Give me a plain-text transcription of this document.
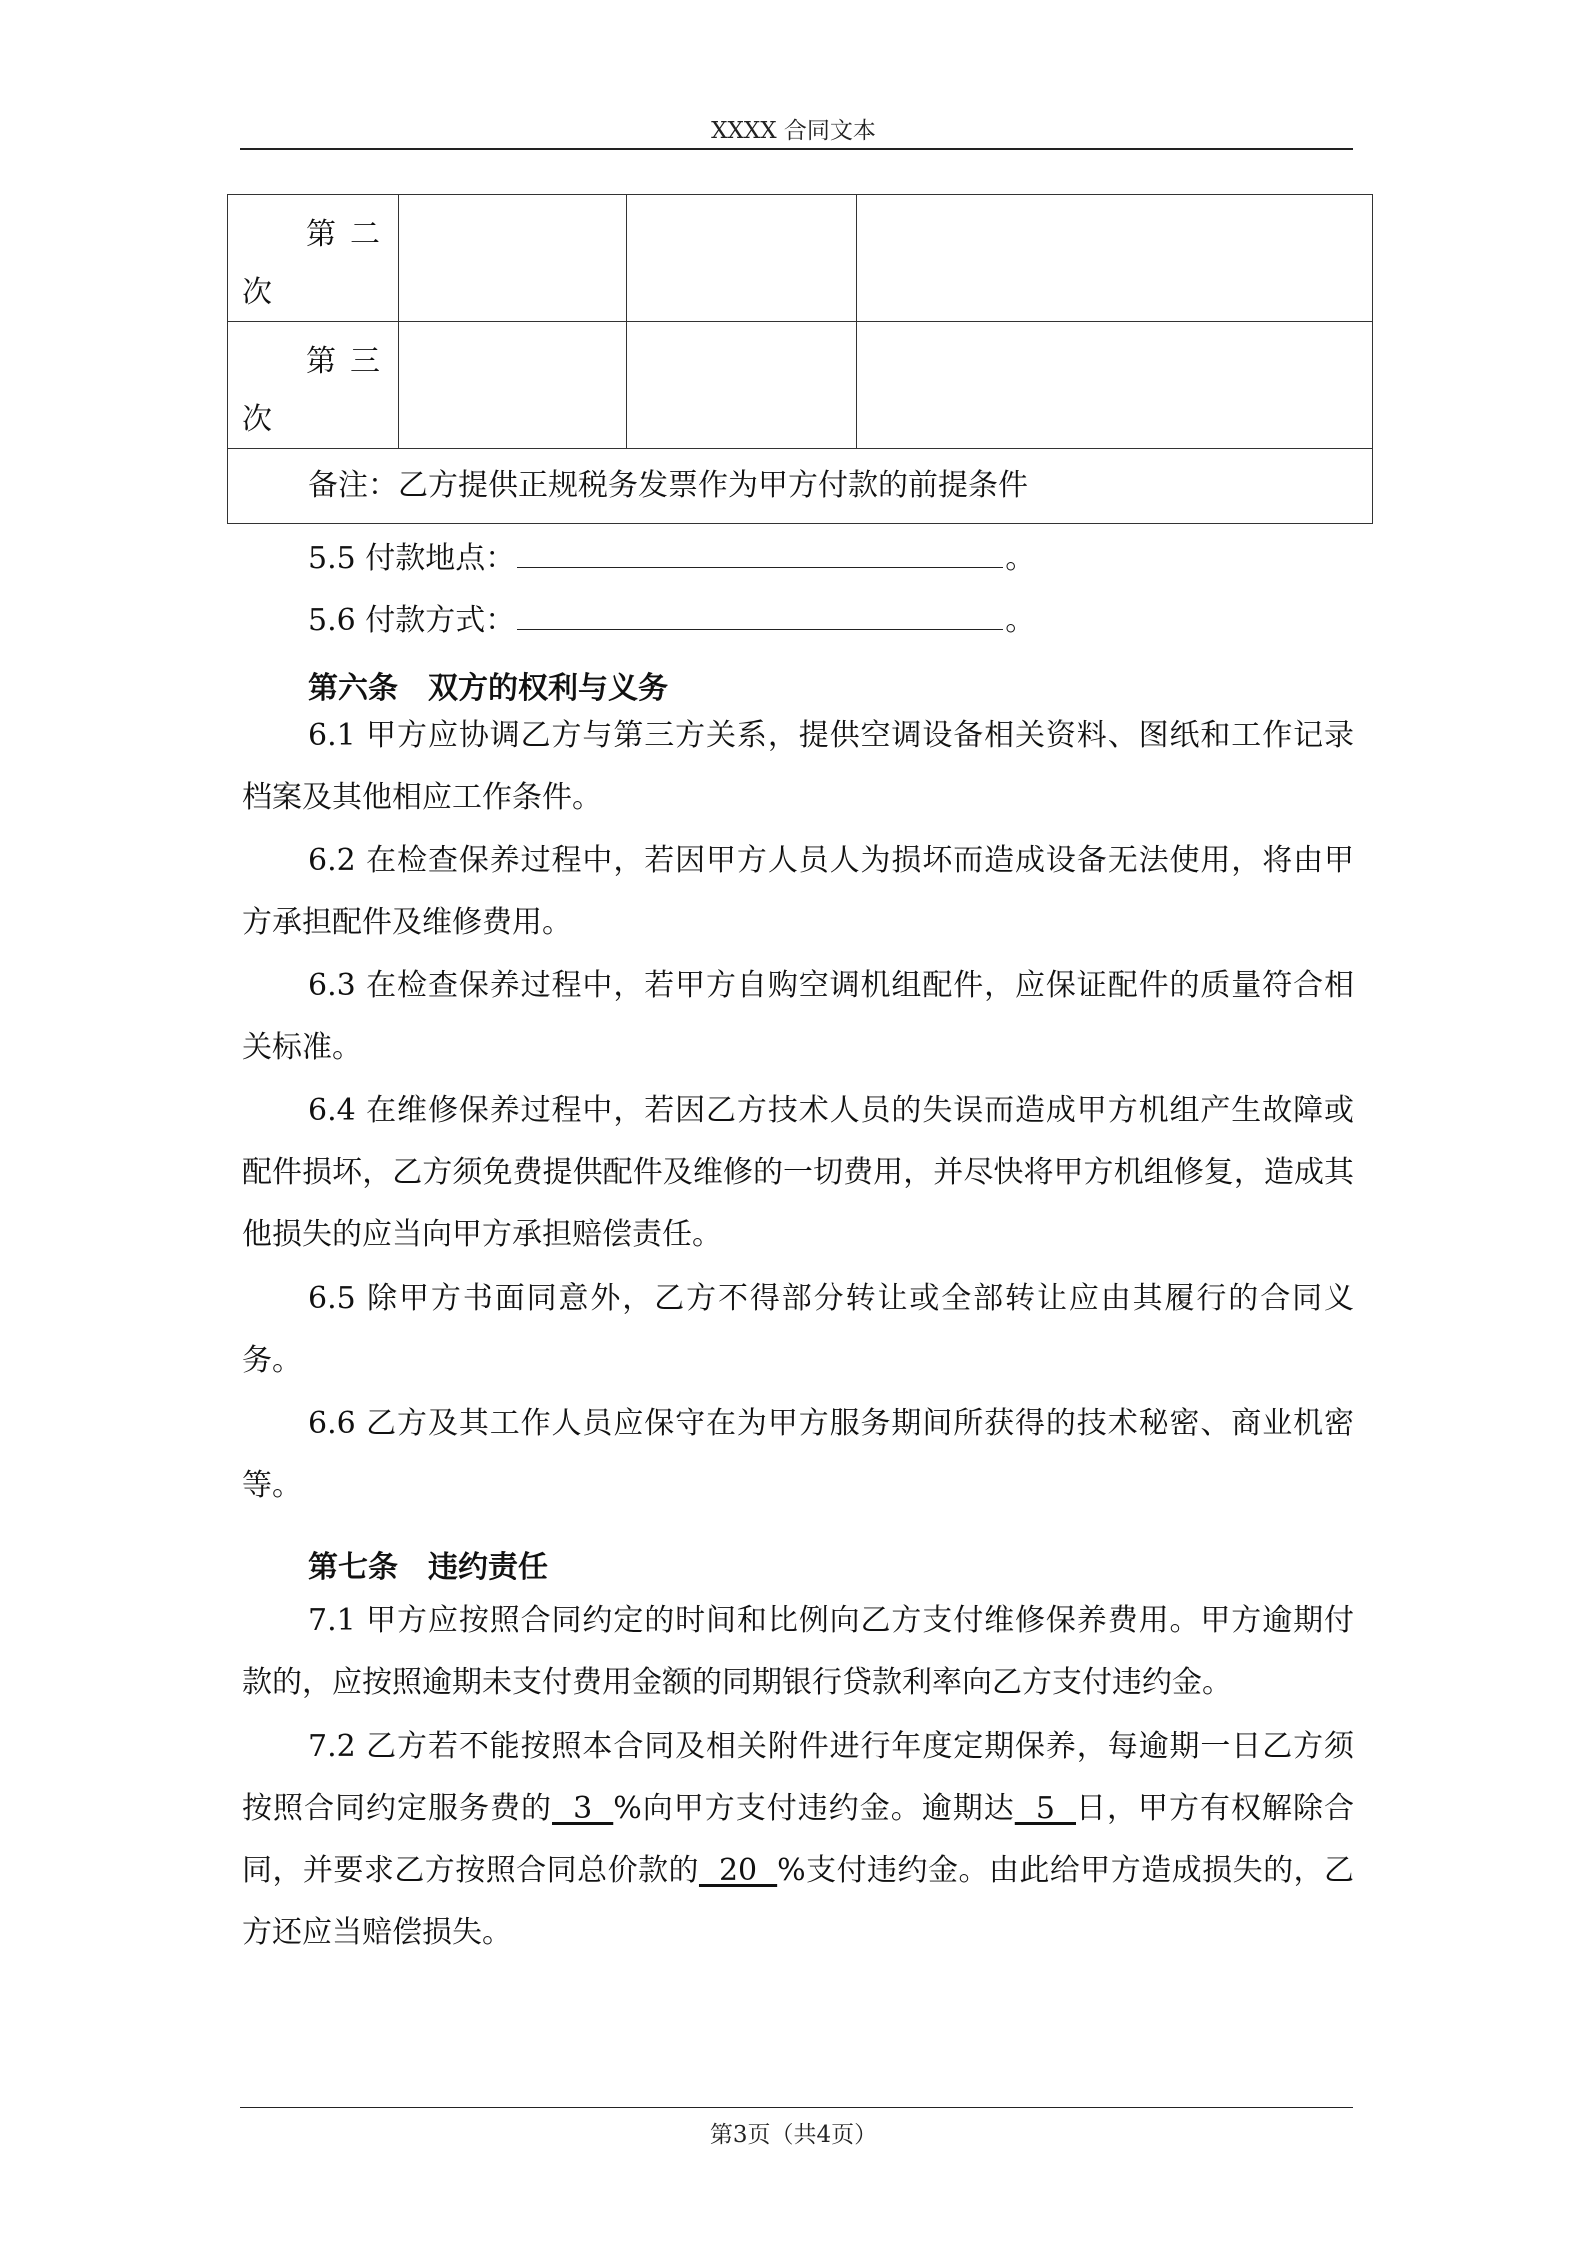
XXXX 合同文本
第二
次			

第三
次			

备注：乙方提供正规税务发票作为甲方付款的前提条件			

5.5 付款地点：	。

5.6 付款方式：	。

第六条　双方的权利与义务

6.1 甲方应协调乙方与第三方关系，提供空调设备相关资料、图纸和工作记录档案及其他相应工作条件。

6.2 在检查保养过程中，若因甲方人员人为损坏而造成设备无法使用，将由甲方承担配件及维修费用。

6.3 在检查保养过程中，若甲方自购空调机组配件，应保证配件的质量符合相关标准。

6.4 在维修保养过程中，若因乙方技术人员的失误而造成甲方机组产生故障或配件损坏，乙方须免费提供配件及维修的一切费用，并尽快将甲方机组修复，造成其他损失的应当向甲方承担赔偿责任。

6.5 除甲方书面同意外，乙方不得部分转让或全部转让应由其履行的合同义务。

6.6 乙方及其工作人员应保守在为甲方服务期间所获得的技术秘密、商业机密等。

第七条　违约责任

7.1 甲方应按照合同约定的时间和比例向乙方支付维修保养费用。甲方逾期付款的，应按照逾期未支付费用金额的同期银行贷款利率向乙方支付违约金。

7.2 乙方若不能按照本合同及相关附件进行年度定期保养，每逾期一日乙方须按照合同约定服务费的  3  %向甲方支付违约金。逾期达  5  日，甲方有权解除合同，并要求乙方按照合同总价款的  20  %支付违约金。由此给甲方造成损失的，乙方还应当赔偿损失。

第3页（共4页）
